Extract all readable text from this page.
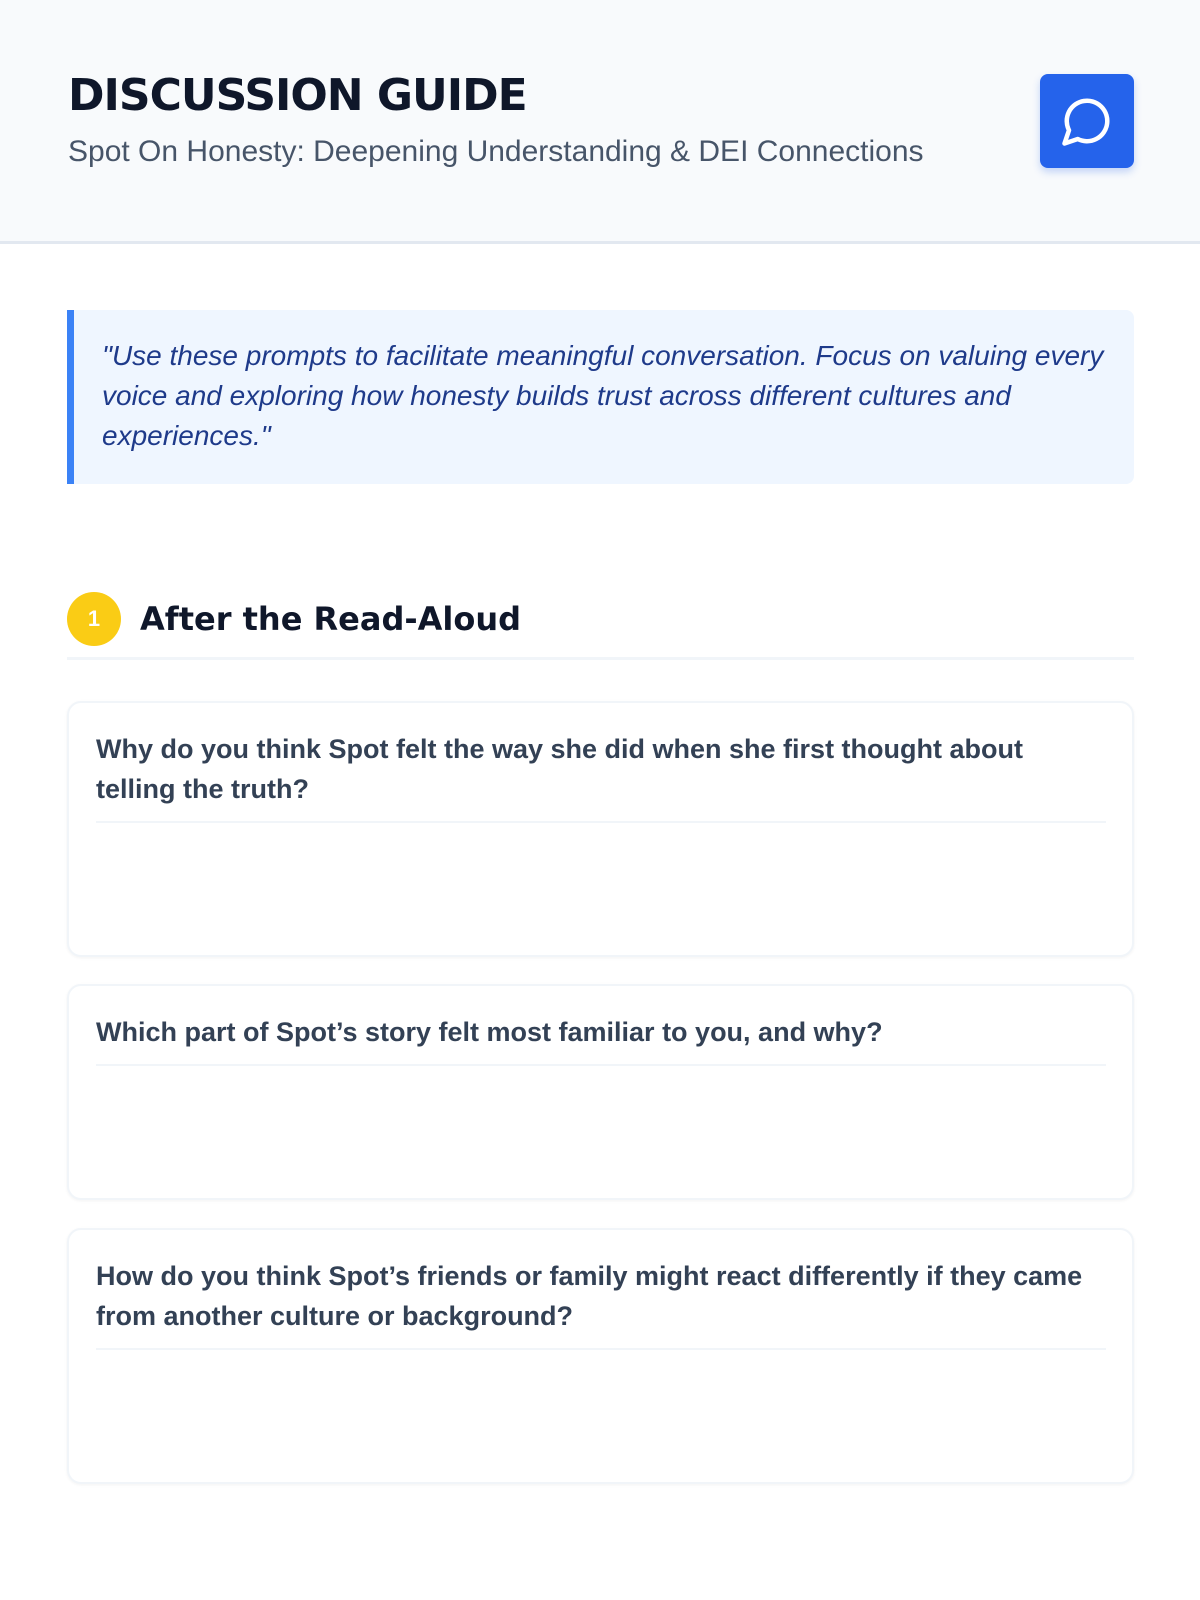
DISCUSSION GUIDE

Spot On Honesty: Deepening Understanding & DEI Connections

"Use these prompts to facilitate meaningful conversation. Focus on valuing every voice and exploring how honesty builds trust across different cultures and experiences."

1	After the Read-Aloud

Why do you think Spot felt the way she did when she first thought about telling the truth?

Which part of Spot’s story felt most familiar to you, and why?

How do you think Spot’s friends or family might react differently if they came from another culture or background?
